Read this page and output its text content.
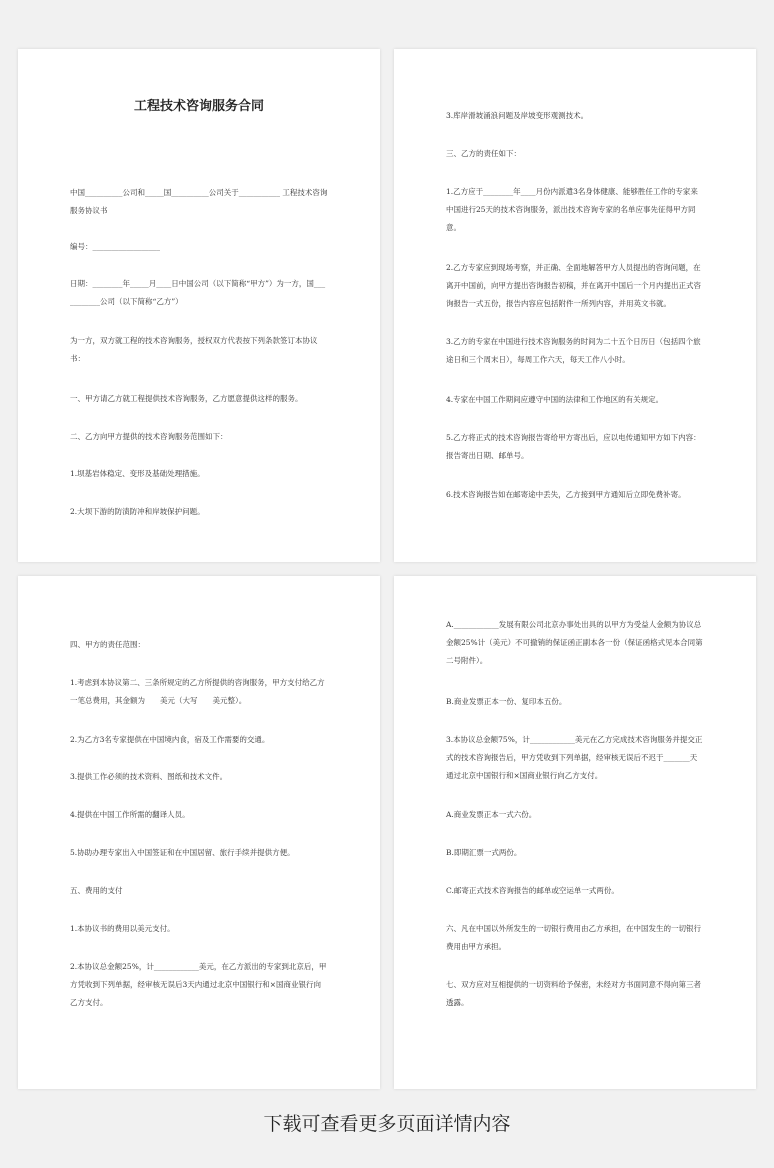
工程技术咨询服务合同
中国__________公司和_____国__________公司关于___________ 工程技术咨询服务协议书
编号：__________________
日期：________年_____月____日中国公司（以下简称“甲方”）为一方，国___________公司（以下简称“乙方”）
为一方，双方就工程的技术咨询服务，授权双方代表按下列条款签订本协议书：
一、甲方请乙方就工程提供技术咨询服务，乙方愿意提供这样的服务。
二、乙方向甲方提供的技术咨询服务范围如下：
1.坝基岩体稳定、变形及基础处理措施。
2.大坝下游的防渍防冲和岸坡保护问题。
3.库岸滑坡涌浪问题及岸坡变形观测技术。
三、乙方的责任如下：
1.乙方应于________年____月份内派遣3名身体健康、能够胜任工作的专家来中国进行25天的技术咨询服务，派出技术咨询专家的名单应事先征得甲方同意。
2.乙方专家应到现场考察，并正确、全面地解答甲方人员提出的咨询问题，在离开中国前，向甲方提出咨询报告初稿，并在离开中国后一个月内提出正式咨询报告一式五份，报告内容应包括附件一所列内容，并用英文书就。
3.乙方的专家在中国进行技术咨询服务的时间为二十五个日历日（包括四个旅途日和三个周末日），每周工作六天，每天工作八小时。
4.专家在中国工作期间应遵守中国的法律和工作地区的有关规定。
5.乙方将正式的技术咨询报告寄给甲方寄出后，应以电传通知甲方如下内容：报告寄出日期、邮单号。
6.技术咨询报告如在邮寄途中丢失，乙方接到甲方通知后立即免费补寄。
四、甲方的责任范围：
1.考虑到本协议第二、三条所规定的乙方所提供的咨询服务，甲方支付给乙方一笔总费用，其金额为　　美元（大写　　美元整）。
2.为乙方3名专家提供在中国境内食，宿及工作需要的交通。
3.提供工作必须的技术资料、图纸和技术文件。
4.提供在中国工作所需的翻译人员。
5.协助办理专家出入中国签证和在中国居留、旅行手续并提供方便。
五、费用的支付
1.本协议书的费用以美元支付。
2.本协议总金额25%，计____________美元，在乙方派出的专家到北京后，甲方凭收到下列单据，经审核无误后3天内通过北京中国银行和×国商业银行向乙方支付。
A.____________发展有限公司北京办事处出具的以甲方为受益人金额为协议总金额25%计（美元）不可撤销的保证函正副本各一份（保证函格式见本合同第二号附件）。
B.商业发票正本一份、复印本五份。
3.本协议总金额75%，计____________美元在乙方完成技术咨询服务并提交正式的技术咨询报告后，甲方凭收到下列单据，经审核无误后不迟于_______天通过北京中国银行和×国商业银行向乙方支付。
A.商业发票正本一式六份。
B.即期汇票一式两份。
C.邮寄正式技术咨询报告的邮单或空运单一式两份。
六、凡在中国以外所发生的一切银行费用由乙方承担，在中国发生的一切银行费用由甲方承担。
七、双方应对互相提供的一切资料给予保密，未经对方书面同意不得向第三者透露。
下载可查看更多页面详情内容
